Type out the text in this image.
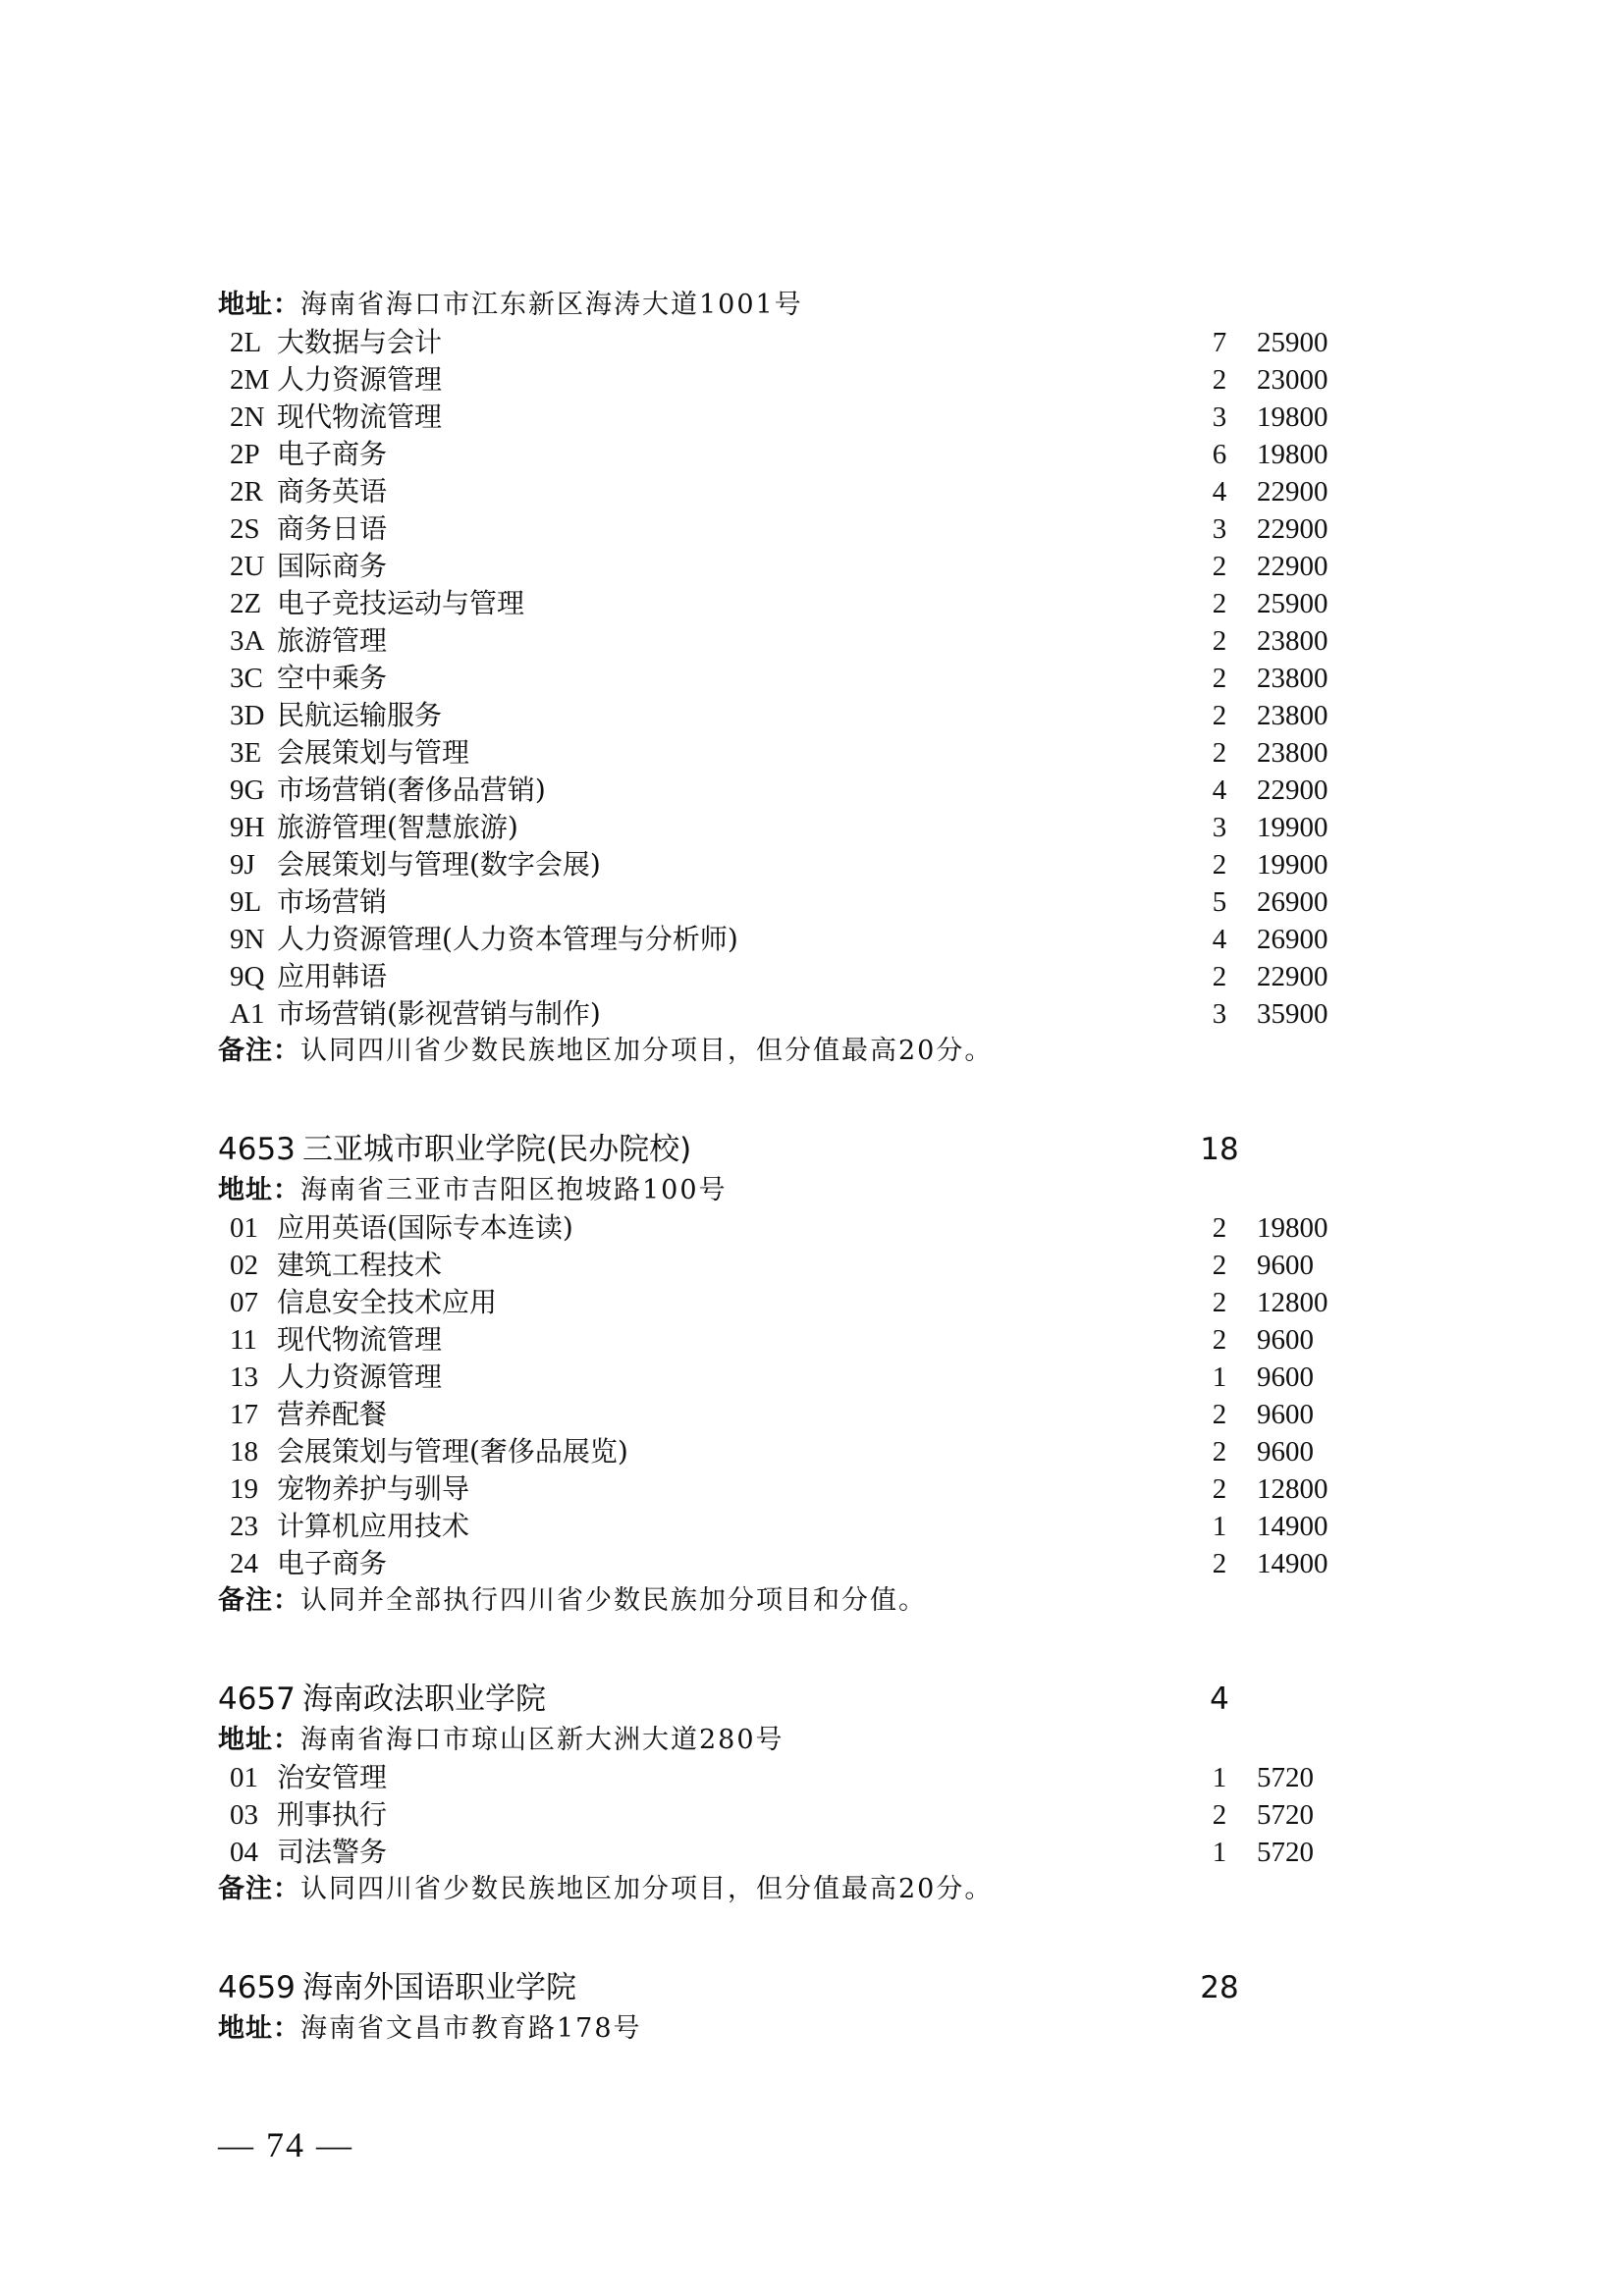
地址：海南省海口市江东新区海涛大道1001号
2L 大数据与会计	7	25900
2M 人力资源管理	2	23000
2N 现代物流管理	3	19800
2P 电子商务	6	19800
2R 商务英语	4	22900
2S 商务日语	3	22900
2U 国际商务	2	22900
2Z 电子竞技运动与管理	2	25900
3A 旅游管理	2	23800
3C 空中乘务	2	23800
3D 民航运输服务	2	23800
3E 会展策划与管理	2	23800
9G 市场营销(奢侈品营销)	4	22900
9H 旅游管理(智慧旅游)	3	19900
9J 会展策划与管理(数字会展)	2	19900
9L 市场营销	5	26900
9N 人力资源管理(人力资本管理与分析师)	4	26900
9Q 应用韩语	2	22900
A1 市场营销(影视营销与制作)	3	35900
备注：认同四川省少数民族地区加分项目，但分值最高20分。
4653 三亚城市职业学院(民办院校)	18
地址：海南省三亚市吉阳区抱坡路100号
01 应用英语(国际专本连读)	2	19800
02 建筑工程技术	2	9600
07 信息安全技术应用	2	12800
11 现代物流管理	2	9600
13 人力资源管理	1	9600
17 营养配餐	2	9600
18 会展策划与管理(奢侈品展览)	2	9600
19 宠物养护与驯导	2	12800
23 计算机应用技术	1	14900
24 电子商务	2	14900
备注：认同并全部执行四川省少数民族加分项目和分值。
4657 海南政法职业学院	4
地址：海南省海口市琼山区新大洲大道280号
01 治安管理	1	5720
03 刑事执行	2	5720
04 司法警务	1	5720
备注：认同四川省少数民族地区加分项目，但分值最高20分。
4659 海南外国语职业学院	28
地址：海南省文昌市教育路178号
— 74 —
